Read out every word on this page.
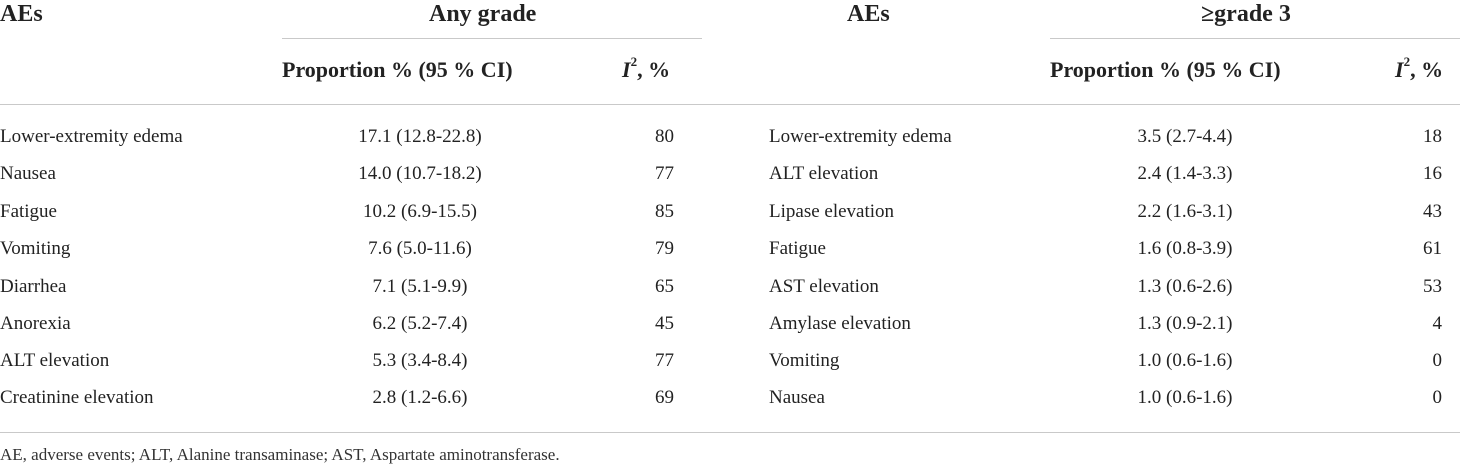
AEs	Any grade	AEs	≥grade 3
Proportion % (95 % CI)	$I^2$, %	Proportion % (95 % CI)	$I^2$, %
Lower-extremity edema	17.1 (12.8-22.8)	80
Nausea	14.0 (10.7-18.2)	77
Fatigue	10.2 (6.9-15.5)	85
Vomiting	7.6 (5.0-11.6)	79
Diarrhea	7.1 (5.1-9.9)	65
Anorexia	6.2 (5.2-7.4)	45
ALT elevation	5.3 (3.4-8.4)	77
Creatinine elevation	2.8 (1.2-6.6)	69
Lower-extremity edema	3.5 (2.7-4.4)	18
ALT elevation	2.4 (1.4-3.3)	16
Lipase elevation	2.2 (1.6-3.1)	43
Fatigue	1.6 (0.8-3.9)	61
AST elevation	1.3 (0.6-2.6)	53
Amylase elevation	1.3 (0.9-2.1)	4
Vomiting	1.0 (0.6-1.6)	0
Nausea	1.0 (0.6-1.6)	0
AE, adverse events; ALT, Alanine transaminase; AST, Aspartate aminotransferase.
